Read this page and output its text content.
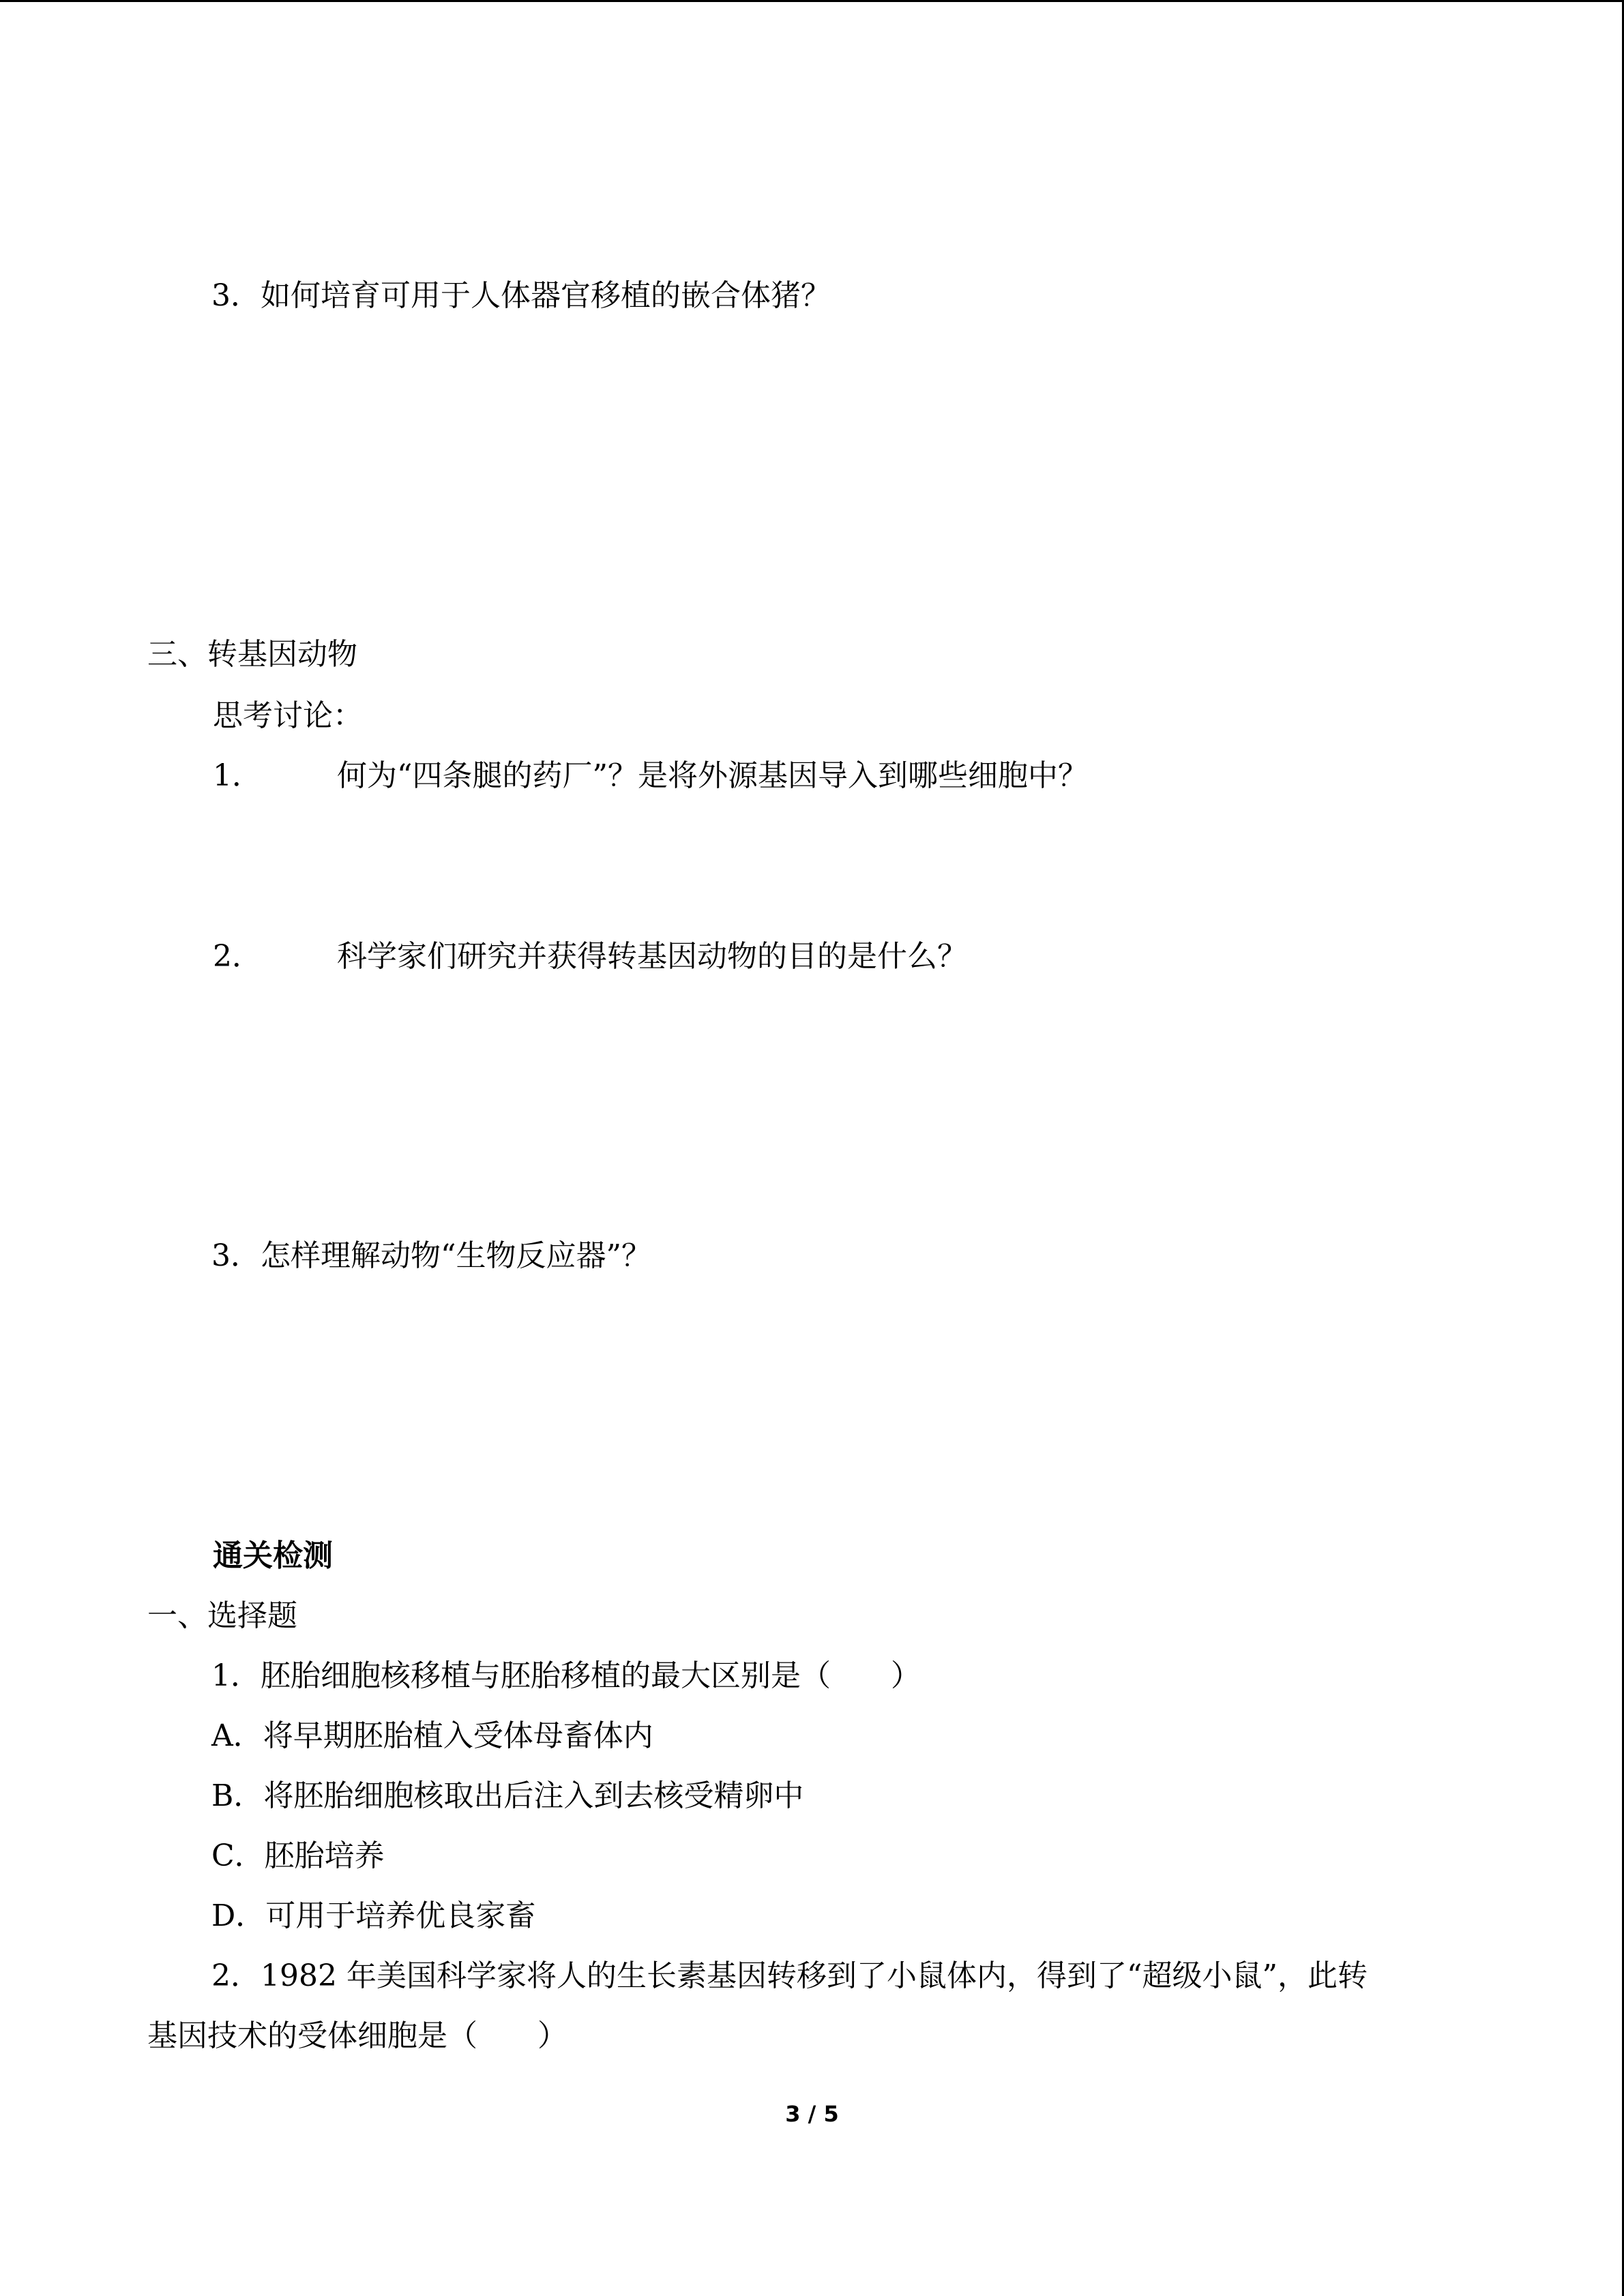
3．如何培育可用于人体器官移植的嵌合体猪？
三、转基因动物
思考讨论：
1．	何为“四条腿的药厂”？是将外源基因导入到哪些细胞中？
2．	科学家们研究并获得转基因动物的目的是什么？
3．怎样理解动物“生物反应器”？
通关检测
一、选择题
1．胚胎细胞核移植与胚胎移植的最大区别是（　　）
A．将早期胚胎植入受体母畜体内
B．将胚胎细胞核取出后注入到去核受精卵中
C．胚胎培养
D．可用于培养优良家畜
2．1982 年美国科学家将人的生长素基因转移到了小鼠体内，得到了“超级小鼠”，此转
基因技术的受体细胞是（　　）
3 / 5
